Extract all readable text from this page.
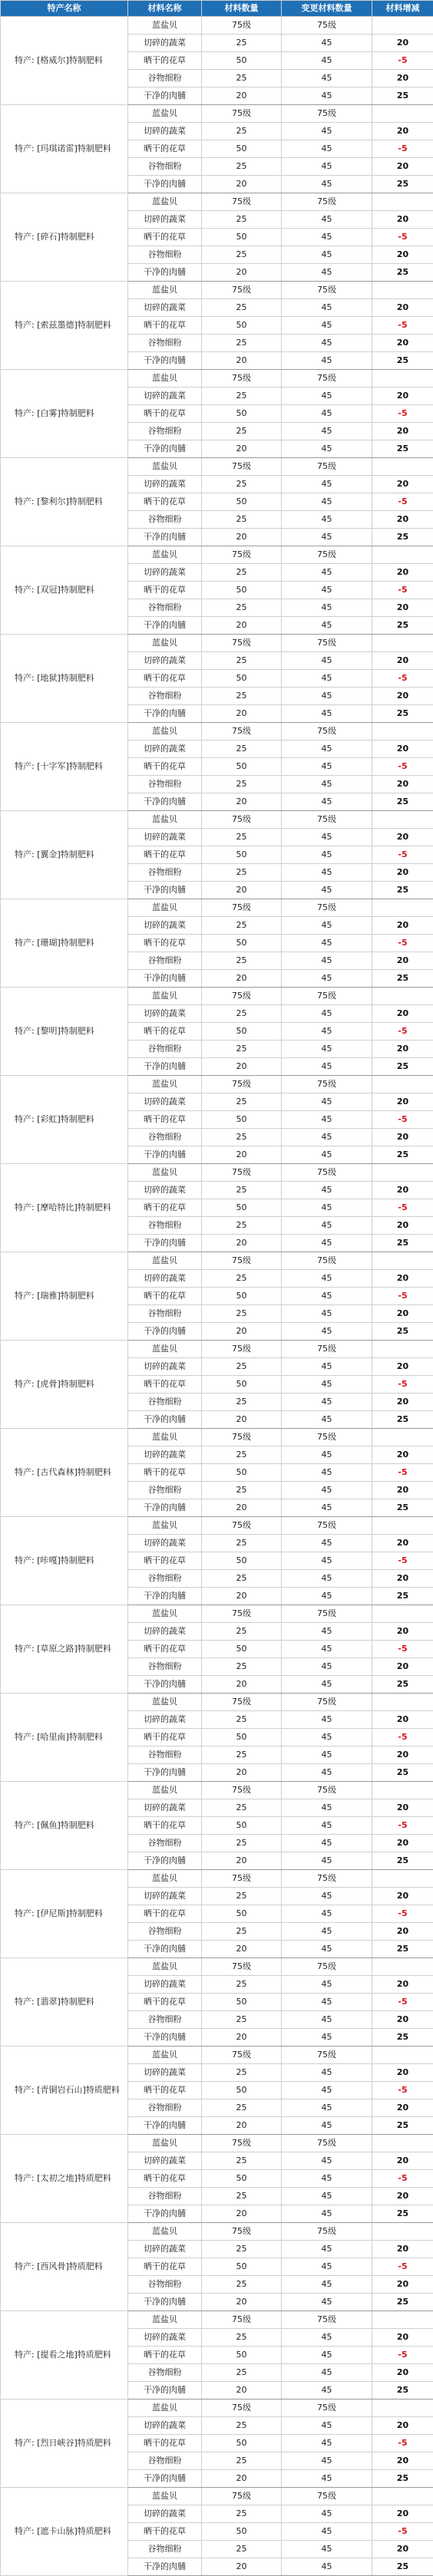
特产名称	材料名称	材料数量	变更材料数量	材料增减
特产: [格威尔]特制肥料	蓝盐贝	75级	75级	
	切碎的蔬菜	25	45	20
	晒干的花草	50	45	-5
	谷物细粉	25	45	20
	干净的肉脯	20	45	25
特产: [玛琪诺雷]特制肥料	蓝盐贝	75级	75级	
	切碎的蔬菜	25	45	20
	晒干的花草	50	45	-5
	谷物细粉	25	45	20
	干净的肉脯	20	45	25
特产: [碎石]特制肥料	蓝盐贝	75级	75级	
	切碎的蔬菜	25	45	20
	晒干的花草	50	45	-5
	谷物细粉	25	45	20
	干净的肉脯	20	45	25
特产: [索兹墨德]特制肥料	蓝盐贝	75级	75级	
	切碎的蔬菜	25	45	20
	晒干的花草	50	45	-5
	谷物细粉	25	45	20
	干净的肉脯	20	45	25
特产: [白雾]特制肥料	蓝盐贝	75级	75级	
	切碎的蔬菜	25	45	20
	晒干的花草	50	45	-5
	谷物细粉	25	45	20
	干净的肉脯	20	45	25
特产: [黎利尔]特制肥料	蓝盐贝	75级	75级	
	切碎的蔬菜	25	45	20
	晒干的花草	50	45	-5
	谷物细粉	25	45	20
	干净的肉脯	20	45	25
特产: [双冠]特制肥料	蓝盐贝	75级	75级	
	切碎的蔬菜	25	45	20
	晒干的花草	50	45	-5
	谷物细粉	25	45	20
	干净的肉脯	20	45	25
特产: [地狱]特制肥料	蓝盐贝	75级	75级	
	切碎的蔬菜	25	45	20
	晒干的花草	50	45	-5
	谷物细粉	25	45	20
	干净的肉脯	20	45	25
特产: [十字军]特制肥料	蓝盐贝	75级	75级	
	切碎的蔬菜	25	45	20
	晒干的花草	50	45	-5
	谷物细粉	25	45	20
	干净的肉脯	20	45	25
特产: [翼金]特制肥料	蓝盐贝	75级	75级	
	切碎的蔬菜	25	45	20
	晒干的花草	50	45	-5
	谷物细粉	25	45	20
	干净的肉脯	20	45	25
特产: [珊瑚]特制肥料	蓝盐贝	75级	75级	
	切碎的蔬菜	25	45	20
	晒干的花草	50	45	-5
	谷物细粉	25	45	20
	干净的肉脯	20	45	25
特产: [黎明]特制肥料	蓝盐贝	75级	75级	
	切碎的蔬菜	25	45	20
	晒干的花草	50	45	-5
	谷物细粉	25	45	20
	干净的肉脯	20	45	25
特产: [彩虹]特制肥料	蓝盐贝	75级	75级	
	切碎的蔬菜	25	45	20
	晒干的花草	50	45	-5
	谷物细粉	25	45	20
	干净的肉脯	20	45	25
特产: [摩哈特比]特制肥料	蓝盐贝	75级	75级	
	切碎的蔬菜	25	45	20
	晒干的花草	50	45	-5
	谷物细粉	25	45	20
	干净的肉脯	20	45	25
特产: [瑞雅]特制肥料	蓝盐贝	75级	75级	
	切碎的蔬菜	25	45	20
	晒干的花草	50	45	-5
	谷物细粉	25	45	20
	干净的肉脯	20	45	25
特产: [虎骨]特制肥料	蓝盐贝	75级	75级	
	切碎的蔬菜	25	45	20
	晒干的花草	50	45	-5
	谷物细粉	25	45	20
	干净的肉脯	20	45	25
特产: [古代森林]特制肥料	蓝盐贝	75级	75级	
	切碎的蔬菜	25	45	20
	晒干的花草	50	45	-5
	谷物细粉	25	45	20
	干净的肉脯	20	45	25
特产: [咔嘎]特制肥料	蓝盐贝	75级	75级	
	切碎的蔬菜	25	45	20
	晒干的花草	50	45	-5
	谷物细粉	25	45	20
	干净的肉脯	20	45	25
特产: [草原之路]特制肥料	蓝盐贝	75级	75级	
	切碎的蔬菜	25	45	20
	晒干的花草	50	45	-5
	谷物细粉	25	45	20
	干净的肉脯	20	45	25
特产: [哈里南]特制肥料	蓝盐贝	75级	75级	
	切碎的蔬菜	25	45	20
	晒干的花草	50	45	-5
	谷物细粉	25	45	20
	干净的肉脯	20	45	25
特产: [佩鱼]特制肥料	蓝盐贝	75级	75级	
	切碎的蔬菜	25	45	20
	晒干的花草	50	45	-5
	谷物细粉	25	45	20
	干净的肉脯	20	45	25
特产: [伊尼斯]特制肥料	蓝盐贝	75级	75级	
	切碎的蔬菜	25	45	20
	晒干的花草	50	45	-5
	谷物细粉	25	45	20
	干净的肉脯	20	45	25
特产: [翡翠]特制肥料	蓝盐贝	75级	75级	
	切碎的蔬菜	25	45	20
	晒干的花草	50	45	-5
	谷物细粉	25	45	20
	干净的肉脯	20	45	25
特产: [青铜岩石山]特质肥料	蓝盐贝	75级	75级	
	切碎的蔬菜	25	45	20
	晒干的花草	50	45	-5
	谷物细粉	25	45	20
	干净的肉脯	20	45	25
特产: [太初之地]特质肥料	蓝盐贝	75级	75级	
	切碎的蔬菜	25	45	20
	晒干的花草	50	45	-5
	谷物细粉	25	45	20
	干净的肉脯	20	45	25
特产: [西风骨]特质肥料	蓝盐贝	75级	75级	
	切碎的蔬菜	25	45	20
	晒干的花草	50	45	-5
	谷物细粉	25	45	20
	干净的肉脯	20	45	25
特产: [提看之地]特质肥料	蓝盐贝	75级	75级	
	切碎的蔬菜	25	45	20
	晒干的花草	50	45	-5
	谷物细粉	25	45	20
	干净的肉脯	20	45	25
特产: [烈日峡谷]特质肥料	蓝盐贝	75级	75级	
	切碎的蔬菜	25	45	20
	晒干的花草	50	45	-5
	谷物细粉	25	45	20
	干净的肉脯	20	45	25
特产: [遮卡山脉]特质肥料	蓝盐贝	75级	75级	
	切碎的蔬菜	25	45	20
	晒干的花草	50	45	-5
	谷物细粉	25	45	20
	干净的肉脯	20	45	25
